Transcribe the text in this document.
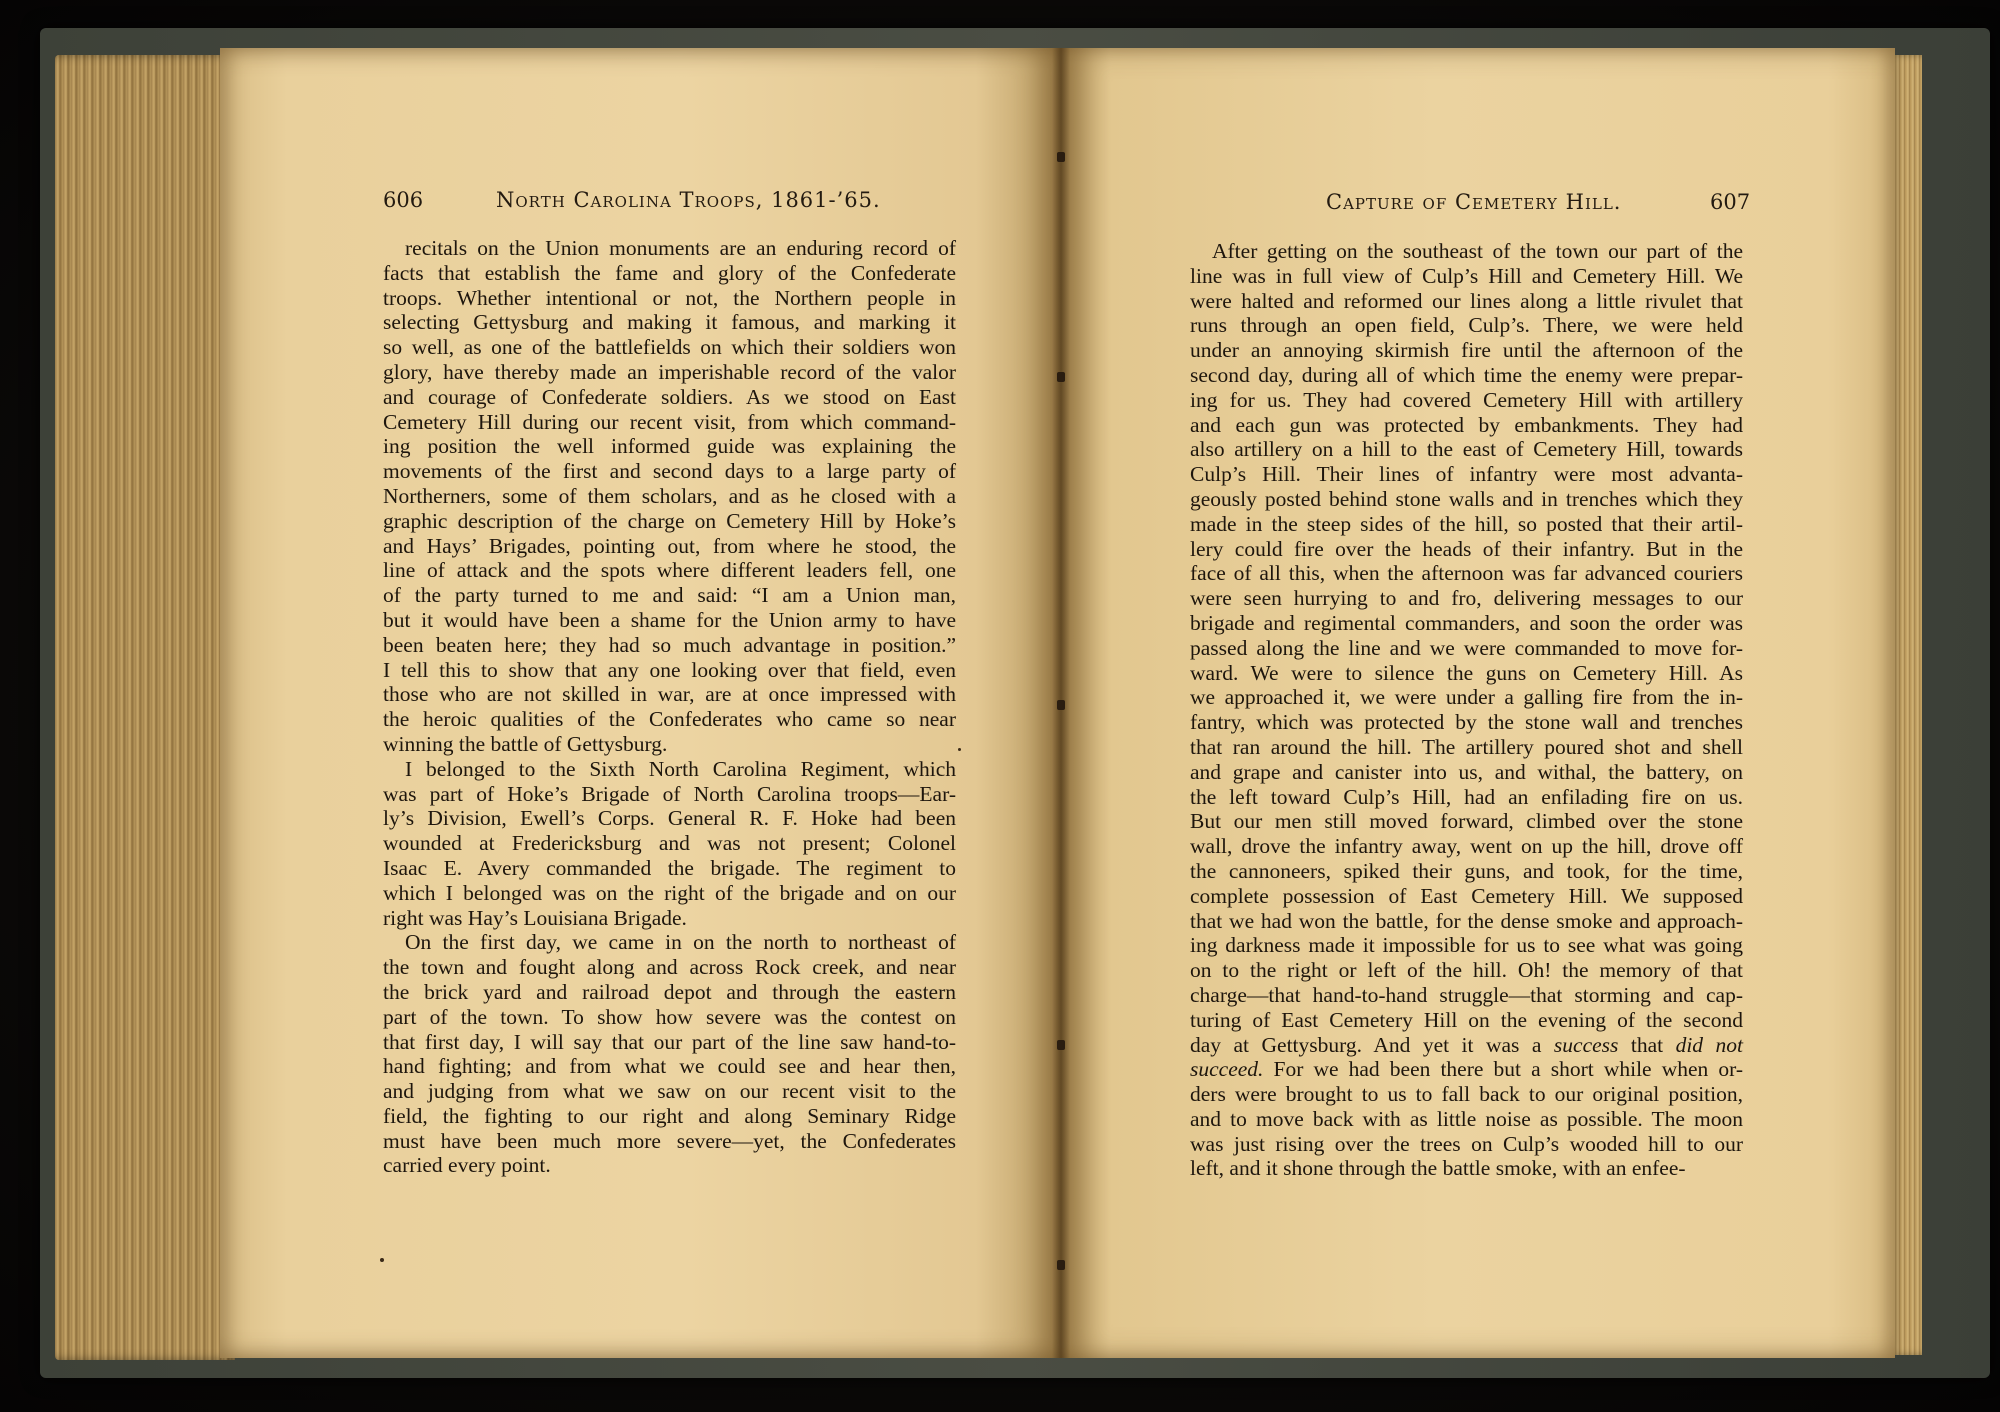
606	North Carolina Troops, 1861-’65.
recitals on the Union monuments are an enduring record of
facts that establish the fame and glory of the Confederate
troops. Whether intentional or not, the Northern people in
selecting Gettysburg and making it famous, and marking it
so well, as one of the battlefields on which their soldiers won
glory, have thereby made an imperishable record of the valor
and courage of Confederate soldiers. As we stood on East
Cemetery Hill during our recent visit, from which command-
ing position the well informed guide was explaining the
movements of the first and second days to a large party of
Northerners, some of them scholars, and as he closed with a
graphic description of the charge on Cemetery Hill by Hoke’s
and Hays’ Brigades, pointing out, from where he stood, the
line of attack and the spots where different leaders fell, one
of the party turned to me and said: “I am a Union man,
but it would have been a shame for the Union army to have
been beaten here; they had so much advantage in position.”
I tell this to show that any one looking over that field, even
those who are not skilled in war, are at once impressed with
the heroic qualities of the Confederates who came so near
winning the battle of Gettysburg.
I belonged to the Sixth North Carolina Regiment, which
was part of Hoke’s Brigade of North Carolina troops—Ear-
ly’s Division, Ewell’s Corps. General R. F. Hoke had been
wounded at Fredericksburg and was not present; Colonel
Isaac E. Avery commanded the brigade. The regiment to
which I belonged was on the right of the brigade and on our
right was Hay’s Louisiana Brigade.
On the first day, we came in on the north to northeast of
the town and fought along and across Rock creek, and near
the brick yard and railroad depot and through the eastern
part of the town. To show how severe was the contest on
that first day, I will say that our part of the line saw hand-to-
hand fighting; and from what we could see and hear then,
and judging from what we saw on our recent visit to the
field, the fighting to our right and along Seminary Ridge
must have been much more severe—yet, the Confederates
carried every point.
Capture of Cemetery Hill.	607
After getting on the southeast of the town our part of the
line was in full view of Culp’s Hill and Cemetery Hill. We
were halted and reformed our lines along a little rivulet that
runs through an open field, Culp’s. There, we were held
under an annoying skirmish fire until the afternoon of the
second day, during all of which time the enemy were prepar-
ing for us. They had covered Cemetery Hill with artillery
and each gun was protected by embankments. They had
also artillery on a hill to the east of Cemetery Hill, towards
Culp’s Hill. Their lines of infantry were most advanta-
geously posted behind stone walls and in trenches which they
made in the steep sides of the hill, so posted that their artil-
lery could fire over the heads of their infantry. But in the
face of all this, when the afternoon was far advanced couriers
were seen hurrying to and fro, delivering messages to our
brigade and regimental commanders, and soon the order was
passed along the line and we were commanded to move for-
ward. We were to silence the guns on Cemetery Hill. As
we approached it, we were under a galling fire from the in-
fantry, which was protected by the stone wall and trenches
that ran around the hill. The artillery poured shot and shell
and grape and canister into us, and withal, the battery, on
the left toward Culp’s Hill, had an enfilading fire on us.
But our men still moved forward, climbed over the stone
wall, drove the infantry away, went on up the hill, drove off
the cannoneers, spiked their guns, and took, for the time,
complete possession of East Cemetery Hill. We supposed
that we had won the battle, for the dense smoke and approach-
ing darkness made it impossible for us to see what was going
on to the right or left of the hill. Oh! the memory of that
charge—that hand-to-hand struggle—that storming and cap-
turing of East Cemetery Hill on the evening of the second
day at Gettysburg. And yet it was a success that did not
succeed. For we had been there but a short while when or-
ders were brought to us to fall back to our original position,
and to move back with as little noise as possible. The moon
was just rising over the trees on Culp’s wooded hill to our
left, and it shone through the battle smoke, with an enfee-
